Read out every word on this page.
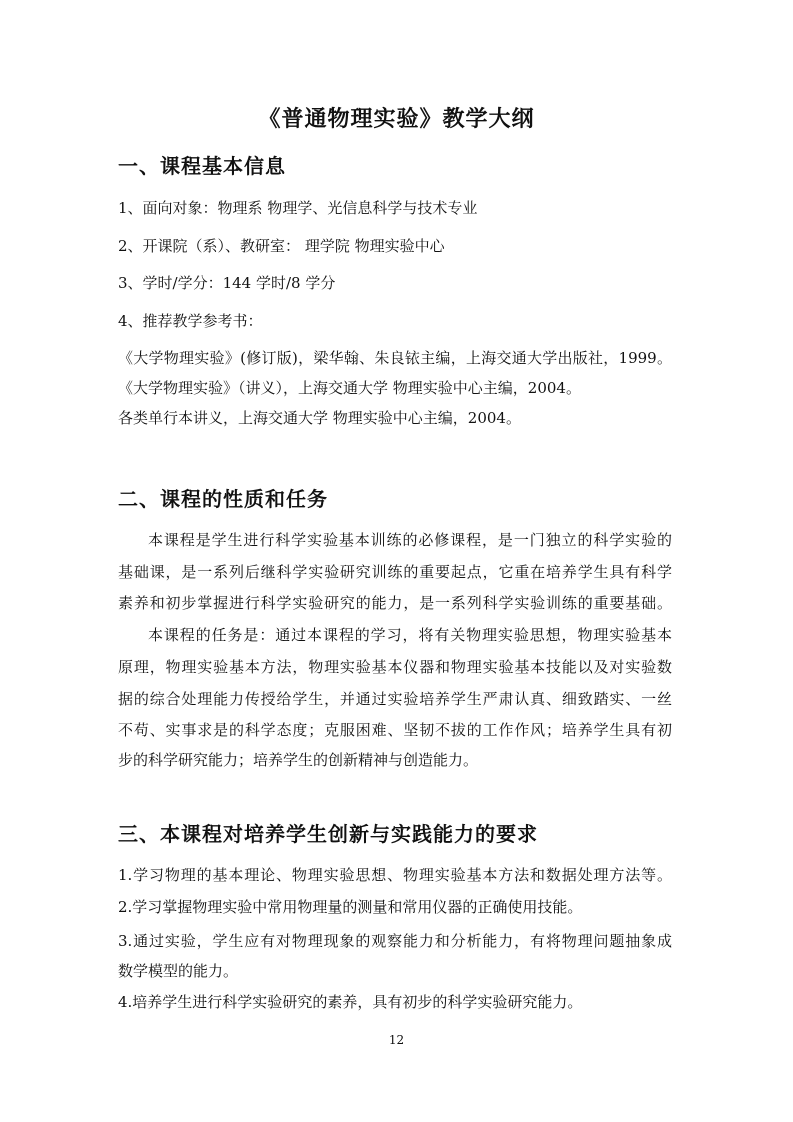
《普通物理实验》教学大纲
一、课程基本信息
1、面向对象：物理系 物理学、光信息科学与技术专业
2、开课院（系）、教研室： 理学院 物理实验中心
3、学时/学分：144 学时/8 学分
4、推荐教学参考书：
《大学物理实验》(修订版)，梁华翰、朱良铱主编，上海交通大学出版社，1999。
《大学物理实验》（讲义），上海交通大学 物理实验中心主编，2004。
各类单行本讲义，上海交通大学 物理实验中心主编，2004。
二、课程的性质和任务
本课程是学生进行科学实验基本训练的必修课程，是一门独立的科学实验的
基础课，是一系列后继科学实验研究训练的重要起点，它重在培养学生具有科学
素养和初步掌握进行科学实验研究的能力，是一系列科学实验训练的重要基础。
本课程的任务是：通过本课程的学习，将有关物理实验思想，物理实验基本
原理，物理实验基本方法，物理实验基本仪器和物理实验基本技能以及对实验数
据的综合处理能力传授给学生，并通过实验培养学生严肃认真、细致踏实、一丝
不苟、实事求是的科学态度；克服困难、坚韧不拔的工作作风；培养学生具有初
步的科学研究能力；培养学生的创新精神与创造能力。
三、本课程对培养学生创新与实践能力的要求
1.学习物理的基本理论、物理实验思想、物理实验基本方法和数据处理方法等。
2.学习掌握物理实验中常用物理量的测量和常用仪器的正确使用技能。
3.通过实验，学生应有对物理现象的观察能力和分析能力，有将物理问题抽象成
数学模型的能力。
4.培养学生进行科学实验研究的素养，具有初步的科学实验研究能力。
12
